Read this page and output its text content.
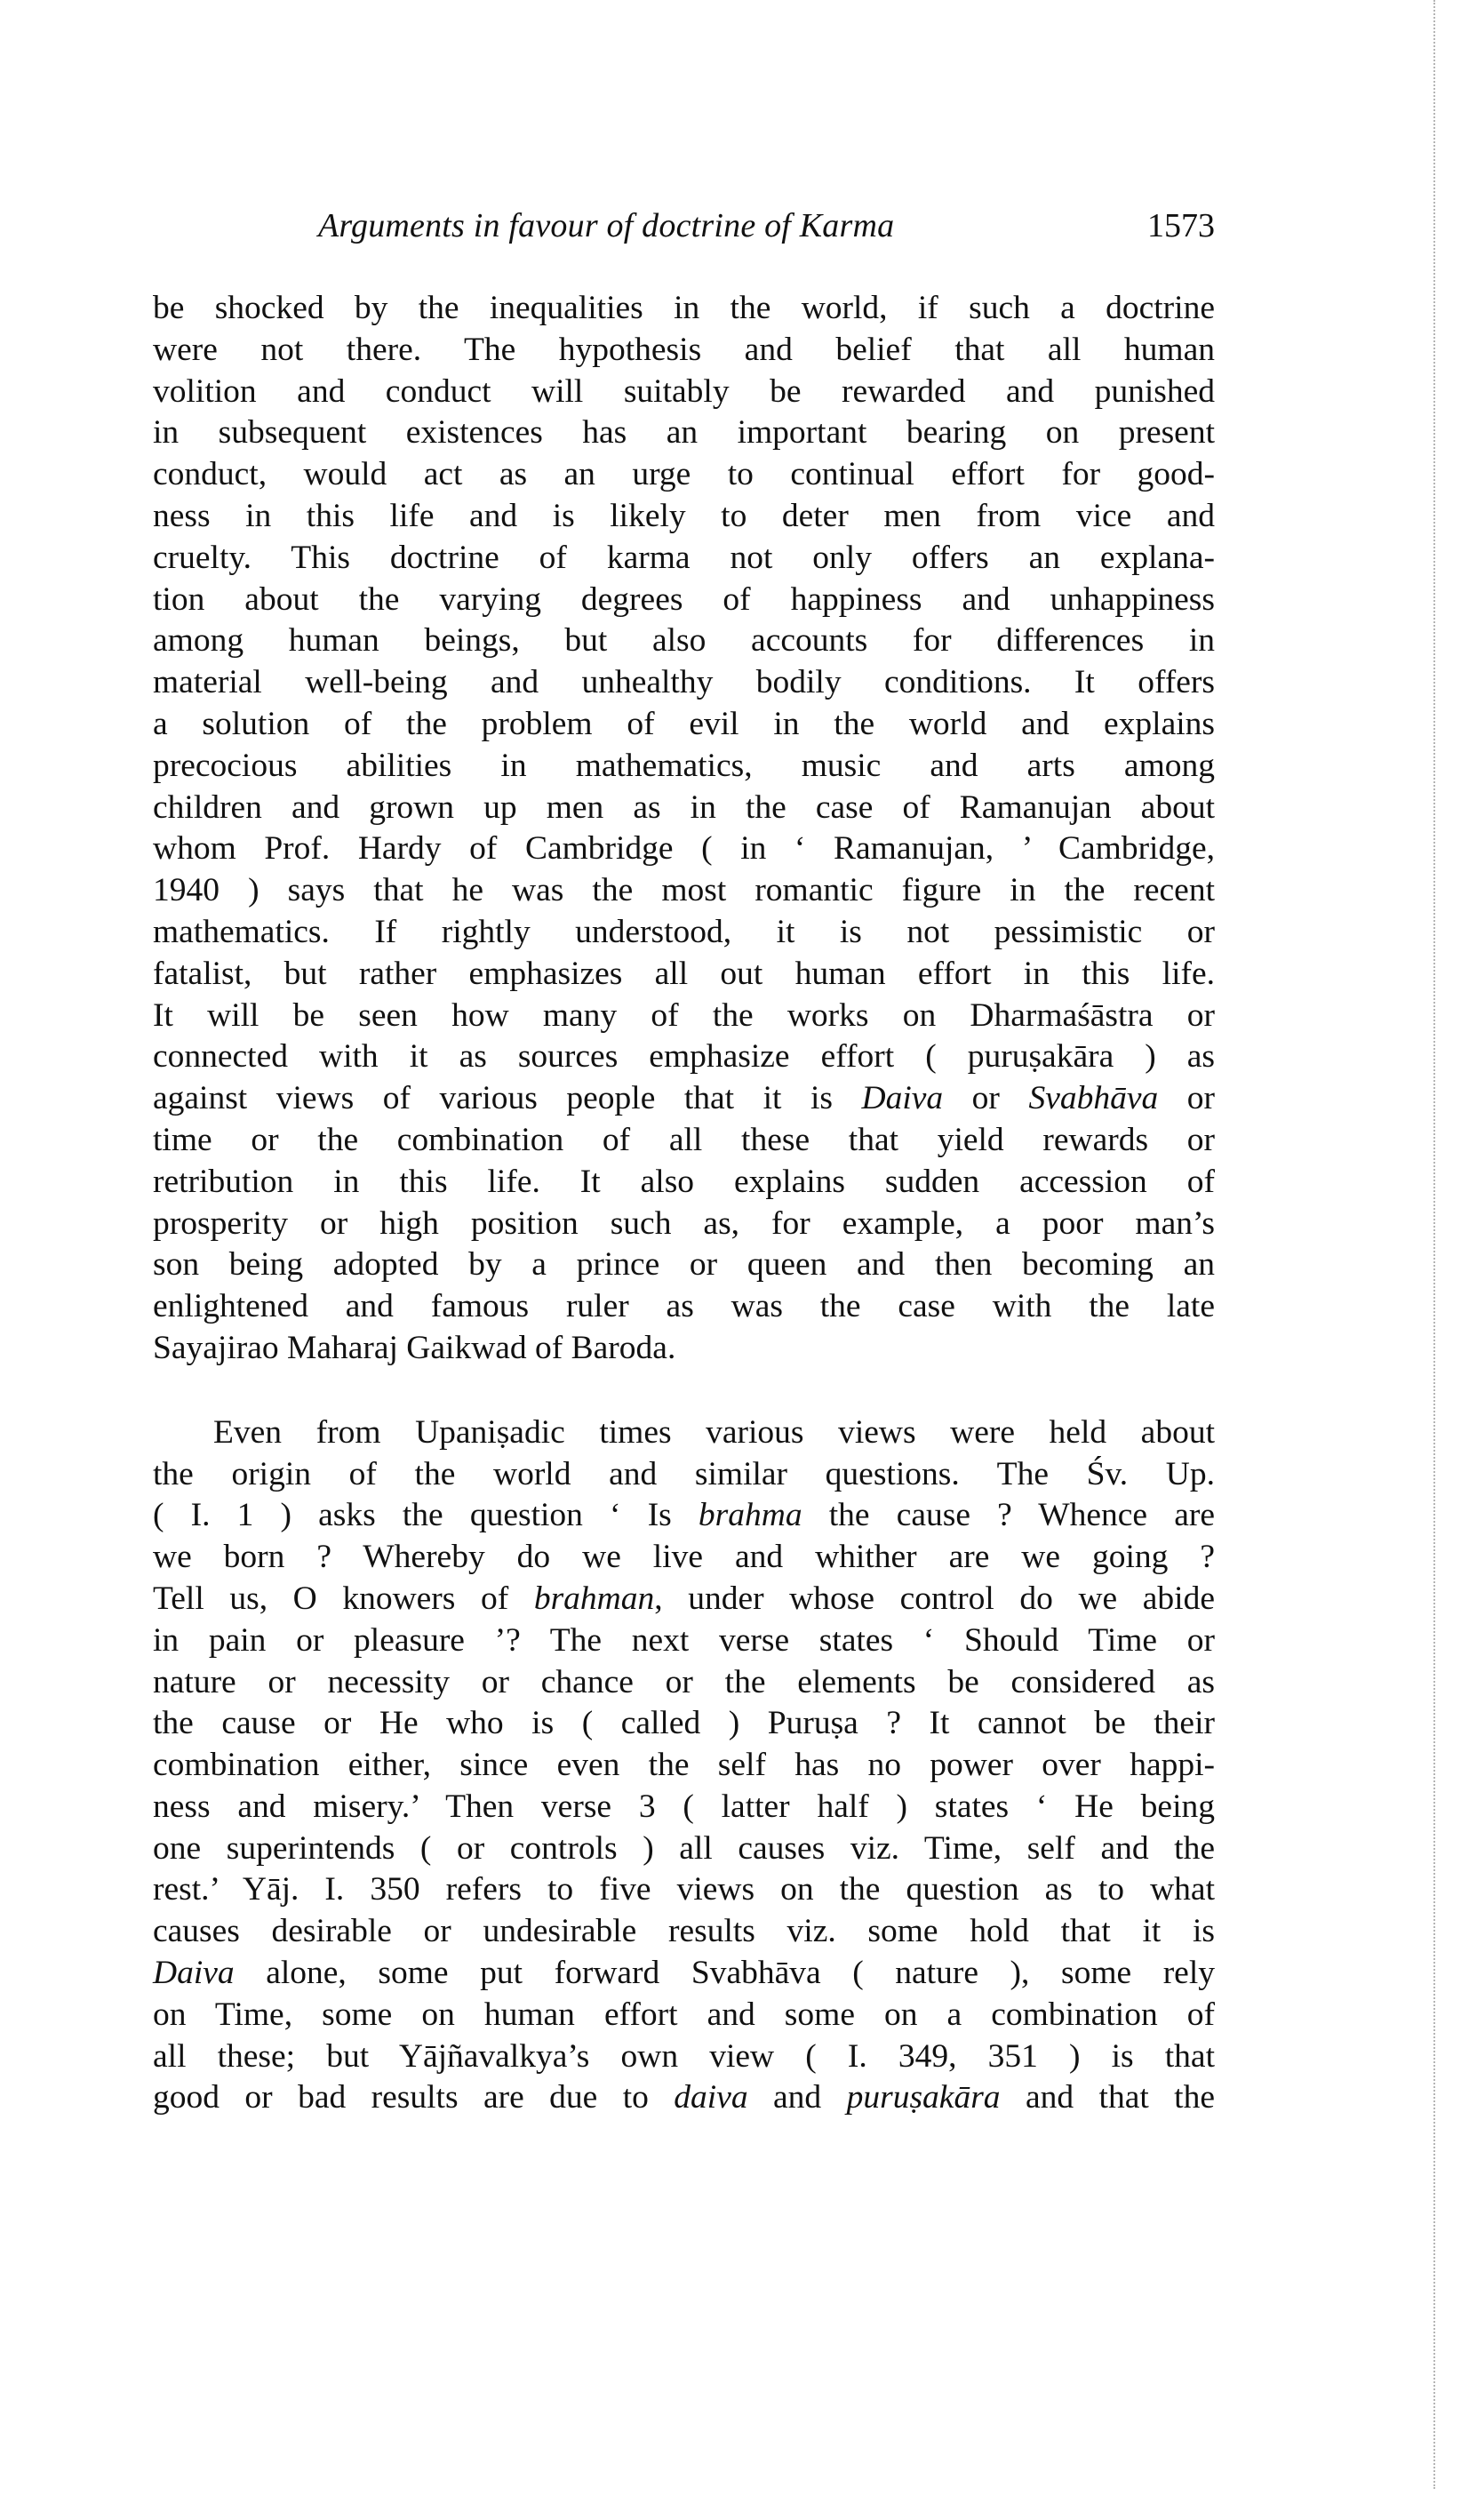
Arguments in favour of doctrine of Karma	1573
be shocked by the inequalities in the world, if such a doctrine
were not there. The hypothesis and belief that all human
volition and conduct will suitably be rewarded and punished
in subsequent existences has an important bearing on present
conduct, would act as an urge to continual effort for good-
ness in this life and is likely to deter men from vice and
cruelty. This doctrine of karma not only offers an explana-
tion about the varying degrees of happiness and unhappiness
among human beings, but also accounts for differences in
material well-being and unhealthy bodily conditions. It offers
a solution of the problem of evil in the world and explains
precocious abilities in mathematics, music and arts among
children and grown up men as in the case of Ramanujan about
whom Prof. Hardy of Cambridge ( in ‘ Ramanujan, ’ Cambridge,
1940 ) says that he was the most romantic figure in the recent
mathematics. If rightly understood, it is not pessimistic or
fatalist, but rather emphasizes all out human effort in this life.
It will be seen how many of the works on Dharmaśāstra or
connected with it as sources emphasize effort ( puruṣakāra ) as
against views of various people that it is Daiva or Svabhāva or
time or the combination of all these that yield rewards or
retribution in this life. It also explains sudden accession of
prosperity or high position such as, for example, a poor man’s
son being adopted by a prince or queen and then becoming an
enlightened and famous ruler as was the case with the late
Sayajirao Maharaj Gaikwad of Baroda.
Even from Upaniṣadic times various views were held about
the origin of the world and similar questions. The Śv. Up.
( I. 1 ) asks the question ‘ Is brahma the cause ? Whence are
we born ? Whereby do we live and whither are we going ?
Tell us, O knowers of brahman, under whose control do we abide
in pain or pleasure ’? The next verse states ‘ Should Time or
nature or necessity or chance or the elements be considered as
the cause or He who is ( called ) Puruṣa ? It cannot be their
combination either, since even the self has no power over happi-
ness and misery.’ Then verse 3 ( latter half ) states ‘ He being
one superintends ( or controls ) all causes viz. Time, self and the
rest.’ Yāj. I. 350 refers to five views on the question as to what
causes desirable or undesirable results viz. some hold that it is
Daiva alone, some put forward Svabhāva ( nature ), some rely
on Time, some on human effort and some on a combination of
all these; but Yājñavalkya’s own view ( I. 349, 351 ) is that
good or bad results are due to daiva and puruṣakāra and that the
